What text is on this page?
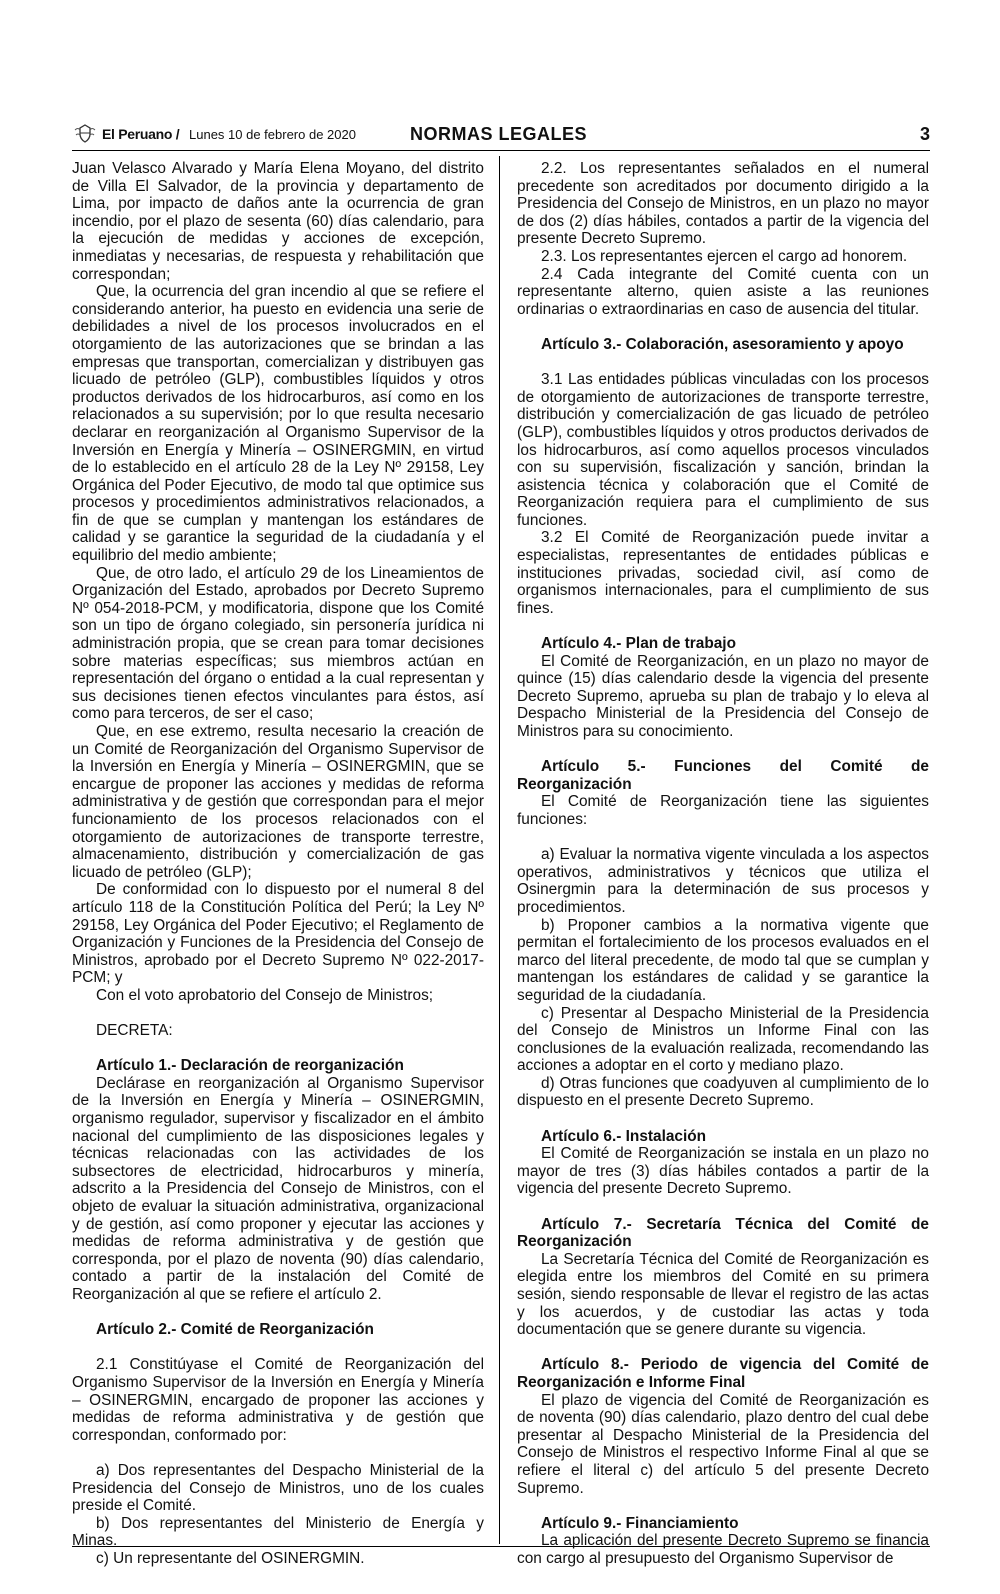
El Peruano / Lunes 10 de febrero de 2020	NORMAS LEGALES	3

Juan Velasco Alvarado y María Elena Moyano, del distrito de Villa El Salvador, de la provincia y departamento de Lima, por impacto de daños ante la ocurrencia de gran incendio, por el plazo de sesenta (60) días calendario, para la ejecución de medidas y acciones de excepción, inmediatas y necesarias, de respuesta y rehabilitación que correspondan;

Que, la ocurrencia del gran incendio al que se refiere el considerando anterior, ha puesto en evidencia una serie de debilidades a nivel de los procesos involucrados en el otorgamiento de las autorizaciones que se brindan a las empresas que transportan, comercializan y distribuyen gas licuado de petróleo (GLP), combustibles líquidos y otros productos derivados de los hidrocarburos, así como en los relacionados a su supervisión; por lo que resulta necesario declarar en reorganización al Organismo Supervisor de la Inversión en Energía y Minería – OSINERGMIN, en virtud de lo establecido en el artículo 28 de la Ley Nº 29158, Ley Orgánica del Poder Ejecutivo, de modo tal que optimice sus procesos y procedimientos administrativos relacionados, a fin de que se cumplan y mantengan los estándares de calidad y se garantice la seguridad de la ciudadanía y el equilibrio del medio ambiente;

Que, de otro lado, el artículo 29 de los Lineamientos de Organización del Estado, aprobados por Decreto Supremo Nº 054-2018-PCM, y modificatoria, dispone que los Comité son un tipo de órgano colegiado, sin personería jurídica ni administración propia, que se crean para tomar decisiones sobre materias específicas; sus miembros actúan en representación del órgano o entidad a la cual representan y sus decisiones tienen efectos vinculantes para éstos, así como para terceros, de ser el caso;

Que, en ese extremo, resulta necesario la creación de un Comité de Reorganización del Organismo Supervisor de la Inversión en Energía y Minería – OSINERGMIN, que se encargue de proponer las acciones y medidas de reforma administrativa y de gestión que correspondan para el mejor funcionamiento de los procesos relacionados con el otorgamiento de autorizaciones de transporte terrestre, almacenamiento, distribución y comercialización de gas licuado de petróleo (GLP);

De conformidad con lo dispuesto por el numeral 8 del artículo 118 de la Constitución Política del Perú; la Ley Nº 29158, Ley Orgánica del Poder Ejecutivo; el Reglamento de Organización y Funciones de la Presidencia del Consejo de Ministros, aprobado por el Decreto Supremo Nº 022-2017-PCM; y

Con el voto aprobatorio del Consejo de Ministros;

DECRETA:

Artículo 1.- Declaración de reorganización

Declárase en reorganización al Organismo Supervisor de la Inversión en Energía y Minería – OSINERGMIN, organismo regulador, supervisor y fiscalizador en el ámbito nacional del cumplimiento de las disposiciones legales y técnicas relacionadas con las actividades de los subsectores de electricidad, hidrocarburos y minería, adscrito a la Presidencia del Consejo de Ministros, con el objeto de evaluar la situación administrativa, organizacional y de gestión, así como proponer y ejecutar las acciones y medidas de reforma administrativa y de gestión que corresponda, por el plazo de noventa (90) días calendario, contado a partir de la instalación del Comité de Reorganización al que se refiere el artículo 2.

Artículo 2.- Comité de Reorganización

2.1 Constitúyase el Comité de Reorganización del Organismo Supervisor de la Inversión en Energía y Minería – OSINERGMIN, encargado de proponer las acciones y medidas de reforma administrativa y de gestión que correspondan, conformado por:

a) Dos representantes del Despacho Ministerial de la Presidencia del Consejo de Ministros, uno de los cuales preside el Comité.

b) Dos representantes del Ministerio de Energía y Minas.

c) Un representante del OSINERGMIN.

2.2. Los representantes señalados en el numeral precedente son acreditados por documento dirigido a la Presidencia del Consejo de Ministros, en un plazo no mayor de dos (2) días hábiles, contados a partir de la vigencia del presente Decreto Supremo.

2.3. Los representantes ejercen el cargo ad honorem.

2.4 Cada integrante del Comité cuenta con un representante alterno, quien asiste a las reuniones ordinarias o extraordinarias en caso de ausencia del titular.

Artículo 3.- Colaboración, asesoramiento y apoyo

3.1 Las entidades públicas vinculadas con los procesos de otorgamiento de autorizaciones de transporte terrestre, distribución y comercialización de gas licuado de petróleo (GLP), combustibles líquidos y otros productos derivados de los hidrocarburos, así como aquellos procesos vinculados con su supervisión, fiscalización y sanción, brindan la asistencia técnica y colaboración que el Comité de Reorganización requiera para el cumplimiento de sus funciones.

3.2 El Comité de Reorganización puede invitar a especialistas, representantes de entidades públicas e instituciones privadas, sociedad civil, así como de organismos internacionales, para el cumplimiento de sus fines.

Artículo 4.- Plan de trabajo

El Comité de Reorganización, en un plazo no mayor de quince (15) días calendario desde la vigencia del presente Decreto Supremo, aprueba su plan de trabajo y lo eleva al Despacho Ministerial de la Presidencia del Consejo de Ministros para su conocimiento.

Artículo 5.- Funciones del Comité de

Reorganización

El Comité de Reorganización tiene las siguientes funciones:

a) Evaluar la normativa vigente vinculada a los aspectos operativos, administrativos y técnicos que utiliza el Osinergmin para la determinación de sus procesos y procedimientos.

b) Proponer cambios a la normativa vigente que permitan el fortalecimiento de los procesos evaluados en el marco del literal precedente, de modo tal que se cumplan y mantengan los estándares de calidad y se garantice la seguridad de la ciudadanía.

c) Presentar al Despacho Ministerial de la Presidencia del Consejo de Ministros un Informe Final con las conclusiones de la evaluación realizada, recomendando las acciones a adoptar en el corto y mediano plazo.

d) Otras funciones que coadyuven al cumplimiento de lo dispuesto en el presente Decreto Supremo.

Artículo 6.- Instalación

El Comité de Reorganización se instala en un plazo no mayor de tres (3) días hábiles contados a partir de la vigencia del presente Decreto Supremo.

Artículo 7.- Secretaría Técnica del Comité de

Reorganización

La Secretaría Técnica del Comité de Reorganización es elegida entre los miembros del Comité en su primera sesión, siendo responsable de llevar el registro de las actas y los acuerdos, y de custodiar las actas y toda documentación que se genere durante su vigencia.

Artículo 8.- Periodo de vigencia del Comité de

Reorganización e Informe Final

El plazo de vigencia del Comité de Reorganización es de noventa (90) días calendario, plazo dentro del cual debe presentar al Despacho Ministerial de la Presidencia del Consejo de Ministros el respectivo Informe Final al que se refiere el literal c) del artículo 5 del presente Decreto Supremo.

Artículo 9.- Financiamiento

La aplicación del presente Decreto Supremo se financia con cargo al presupuesto del Organismo Supervisor de
